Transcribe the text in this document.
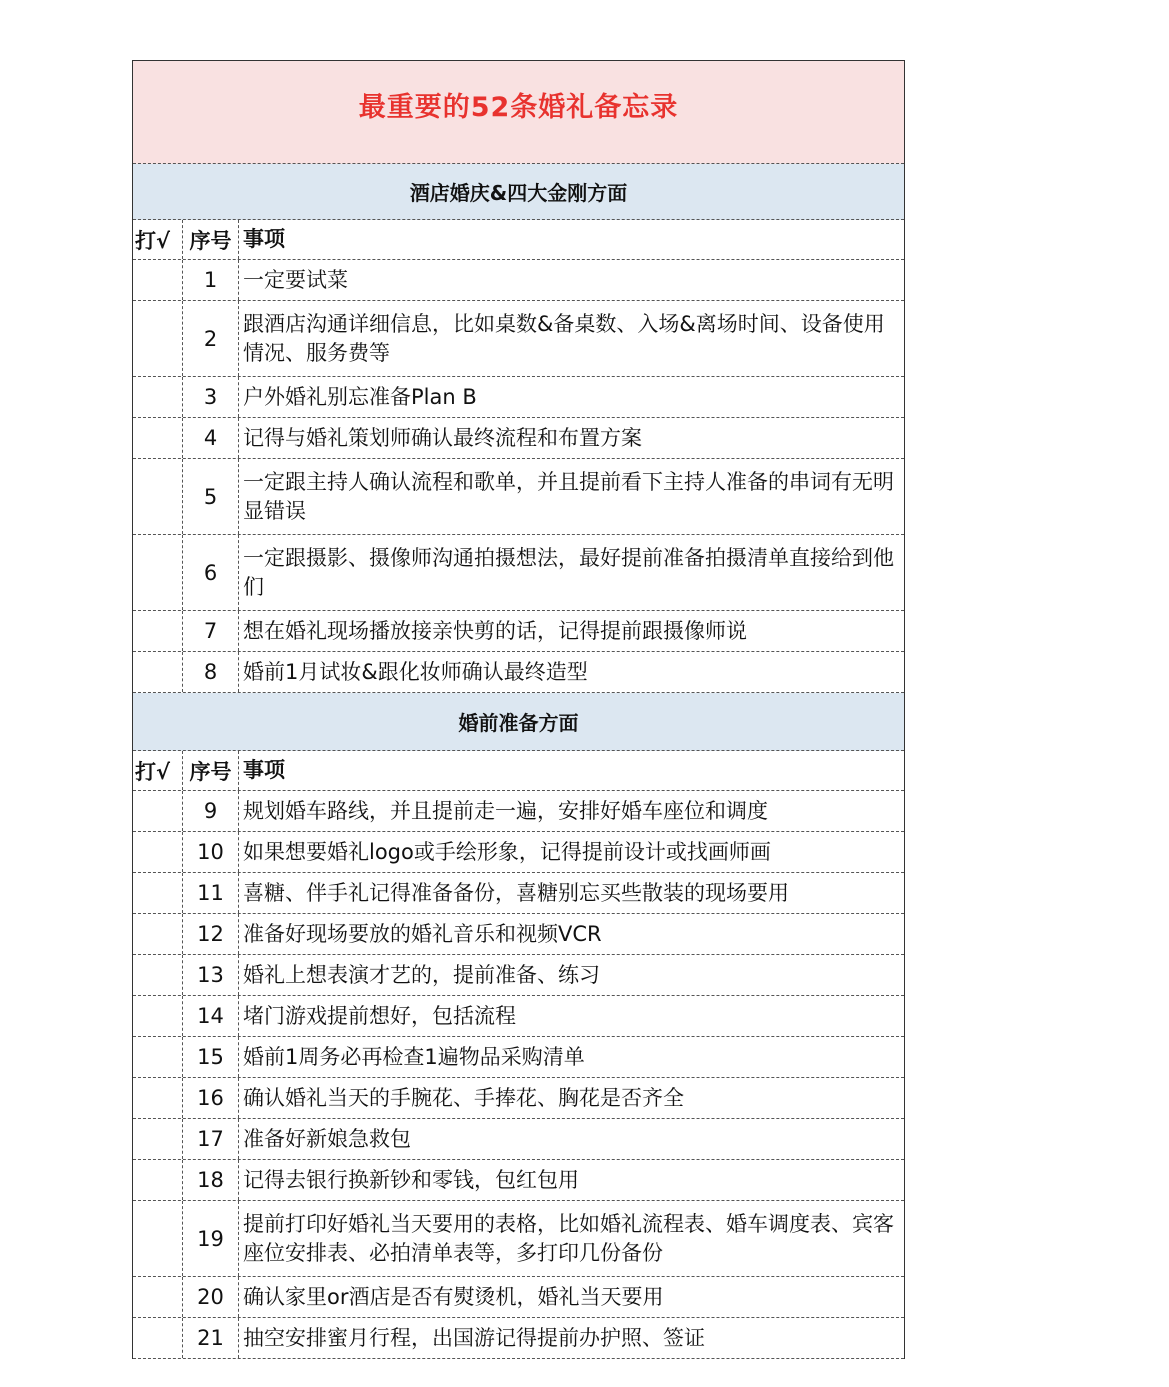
最重要的52条婚礼备忘录
酒店婚庆&四大金刚方面
打√ 序号 事项
1	一定要试菜
2
跟酒店沟通详细信息，比如桌数&备桌数、入场&离场时间、设备使用情况、服务费等
3	户外婚礼别忘准备Plan B
4	记得与婚礼策划师确认最终流程和布置方案
5
一定跟主持人确认流程和歌单，并且提前看下主持人准备的串词有无明显错误
6
一定跟摄影、摄像师沟通拍摄想法，最好提前准备拍摄清单直接给到他们
7	想在婚礼现场播放接亲快剪的话，记得提前跟摄像师说
8	婚前1月试妆&跟化妆师确认最终造型
婚前准备方面
打√ 序号 事项
9	规划婚车路线，并且提前走一遍，安排好婚车座位和调度
10 如果想要婚礼logo或手绘形象，记得提前设计或找画师画
11 喜糖、伴手礼记得准备备份，喜糖别忘买些散装的现场要用
12 准备好现场要放的婚礼音乐和视频VCR
13 婚礼上想表演才艺的，提前准备、练习
14 堵门游戏提前想好，包括流程
15 婚前1周务必再检查1遍物品采购清单
16 确认婚礼当天的手腕花、手捧花、胸花是否齐全
17 准备好新娘急救包
18 记得去银行换新钞和零钱，包红包用
19
提前打印好婚礼当天要用的表格，比如婚礼流程表、婚车调度表、宾客座位安排表、必拍清单表等，多打印几份备份
20 确认家里or酒店是否有熨烫机，婚礼当天要用
21 抽空安排蜜月行程，出国游记得提前办护照、签证
